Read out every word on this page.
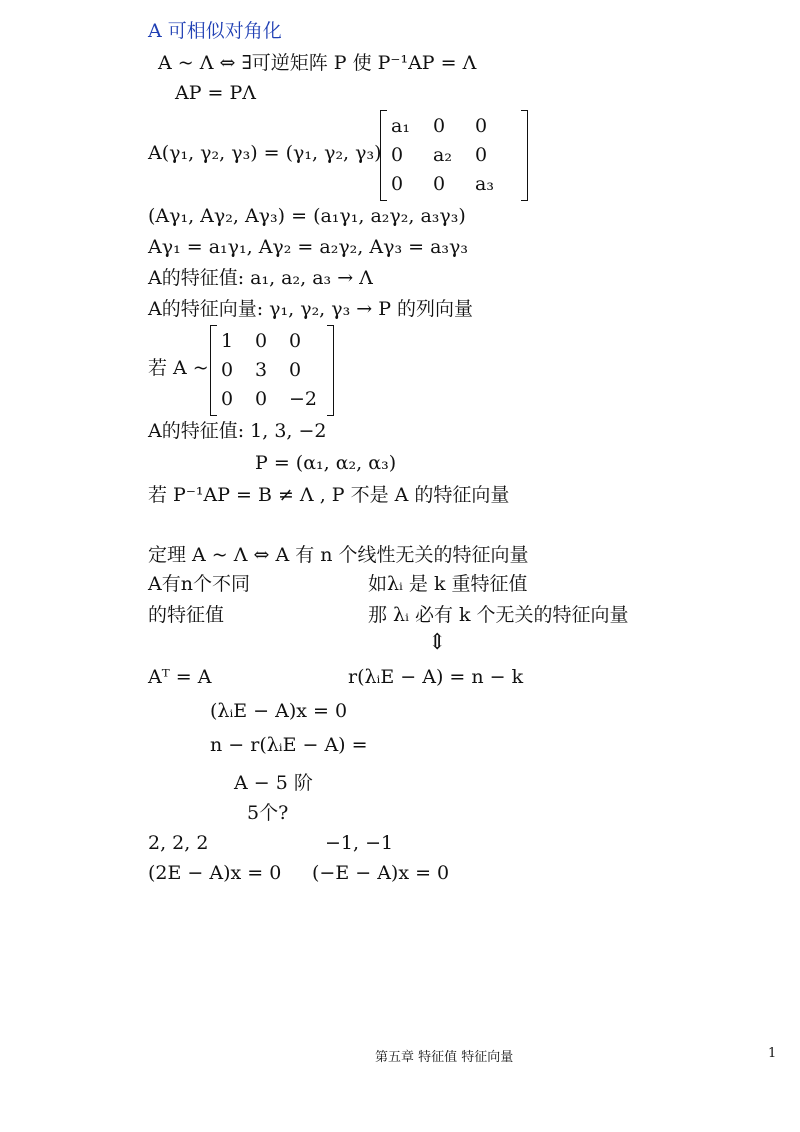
A 可相似对角化
A ~ Λ ⇔ ∃可逆矩阵 P 使 P⁻¹AP = Λ
AP = PΛ
A(γ₁, γ₂, γ₃) = (γ₁, γ₂, γ₃)
a₁	0	0
0	a₂	0
0	0	a₃
(Aγ₁, Aγ₂, Aγ₃) = (a₁γ₁, a₂γ₂, a₃γ₃)
Aγ₁ = a₁γ₁, Aγ₂ = a₂γ₂, Aγ₃ = a₃γ₃
A的特征值: a₁, a₂, a₃ → Λ
A的特征向量: γ₁, γ₂, γ₃ → P 的列向量
若 A ~
1	0	0
0	3	0
0	0	−2
A的特征值: 1, 3, −2
P = (α₁, α₂, α₃)
若 P⁻¹AP = B ≠ Λ , P 不是 A 的特征向量
定理 A ~ Λ ⇔ A 有 n 个线性无关的特征向量
A有n个不同	如λᵢ 是 k 重特征值
的特征值	那 λᵢ 必有 k 个无关的特征向量
⇕
Aᵀ = A	r(λᵢE − A) = n − k
(λᵢE − A)x = 0
n − r(λᵢE − A) =
A − 5 阶
5个?
2, 2, 2	−1, −1
(2E − A)x = 0 (−E − A)x = 0
第五章 特征值 特征向量	1
